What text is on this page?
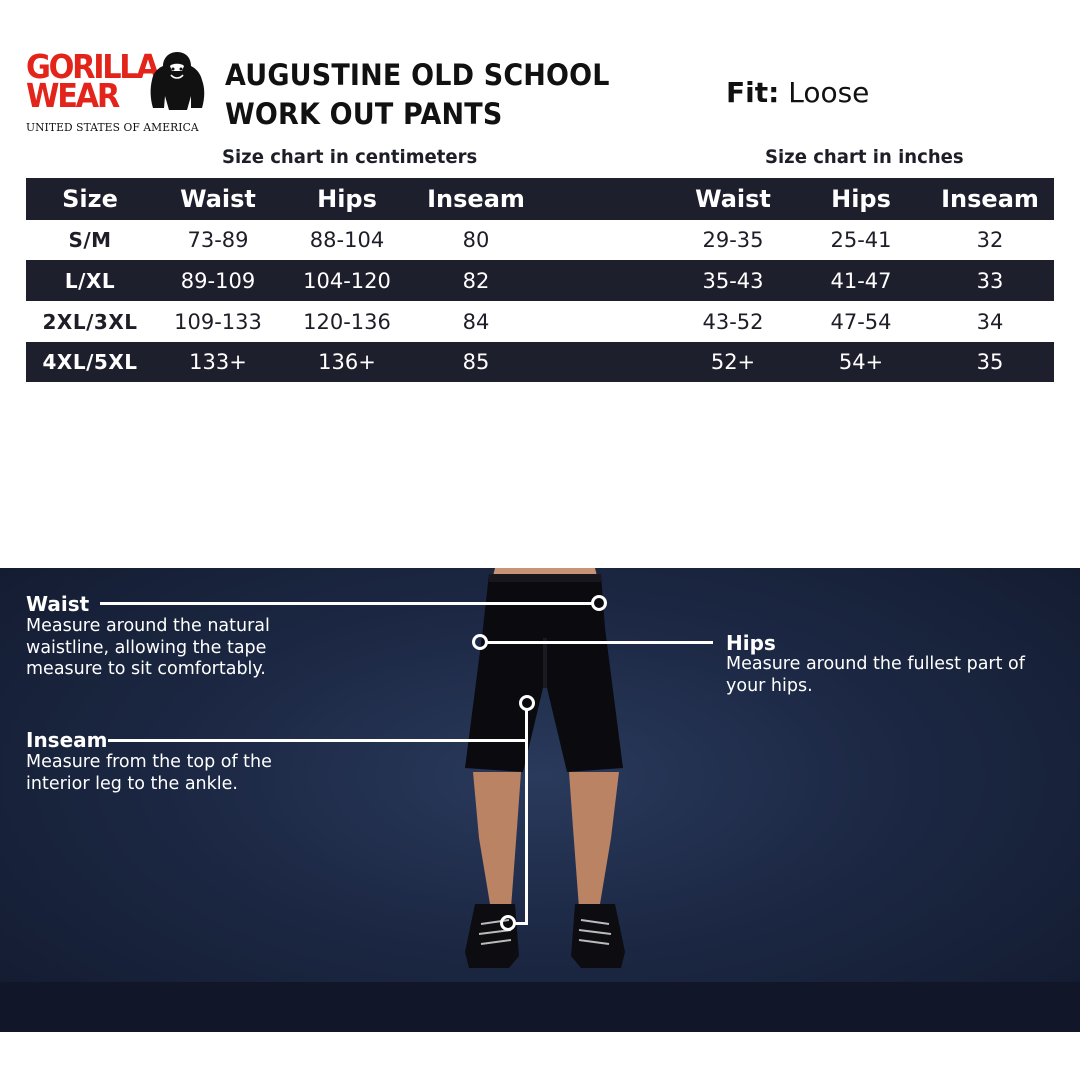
GORILLA
WEAR
UNITED STATES OF AMERICA
AUGUSTINE OLD SCHOOL WORK OUT PANTS
Fit: Loose
Size chart in centimeters	Size chart in inches
Size	Waist	Hips	Inseam	Waist	Hips	Inseam
S/M	73-89	88-104	80	29-35	25-41	32
L/XL	89-109	104-120	82	35-43	41-47	33
2XL/3XL	109-133	120-136	84	43-52	47-54	34
4XL/5XL	133+	136+	85	52+	54+	35
Waist
Measure around the natural waistline, allowing the tape measure to sit comfortably.
Hips
Measure around the fullest part of your hips.
Inseam
Measure from the top of the interior leg to the ankle.
